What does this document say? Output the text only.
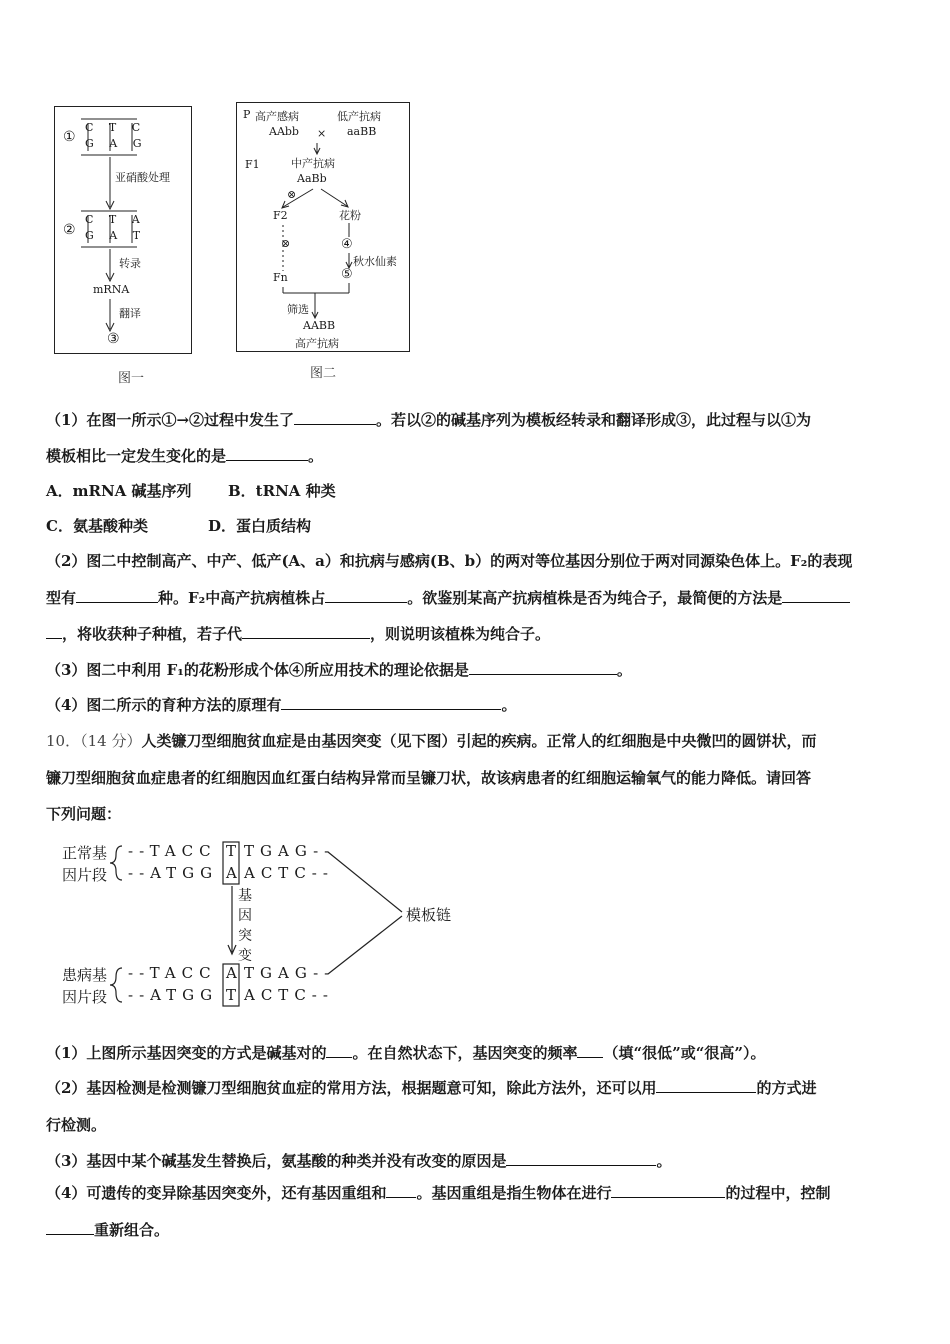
①
C T C
G A G
亚硝酸处理
②
C T A
G A T
转录
mRNA
翻译
③
图一
P 高产感病	低产抗病
AAbb × aaBB
F1	中产抗病
AaBb
⊗
F2	花粉
⊗	④
秋水仙素
⑤
Fn
筛选
AABB
高产抗病
图二
（1）在图一所示①→②过程中发生了	。若以②的碱基序列为模板经转录和翻译形成③，此过程与以①为
模板相比一定发生变化的是	。
A．mRNA 碱基序列 B．tRNA 种类
C．氨基酸种类	D．蛋白质结构
（2）图二中控制高产、中产、低产(A、a）和抗病与感病(B、b）的两对等位基因分别位于两对同源染色体上。F₂的表现
型有	种。F₂中高产抗病植株占	。欲鉴别某高产抗病植株是否为纯合子，最简便的方法是
，将收获种子种植，若子代	，则说明该植株为纯合子。
（3）图二中利用 F₁的花粉形成个体④所应用技术的理论依据是	。
（4）图二所示的育种方法的原理有	。
10．（14 分）人类镰刀型细胞贫血症是由基因突变（见下图）引起的疾病。正常人的红细胞是中央微凹的圆饼状，而
镰刀型细胞贫血症患者的红细胞因血红蛋白结构异常而呈镰刀状，故该病患者的红细胞运输氧气的能力降低。请回答
下列问题：
正常基
因片段
--TACC T TGAG--
--ATGG A ACTC--
基因突变
模板链
患病基
因片段
--TACC A TGAG--
--ATGG T ACTC--
（1）上图所示基因突变的方式是碱基对的 。在自然状态下，基因突变的频率 （填“很低”或“很高”）。
（2）基因检测是检测镰刀型细胞贫血症的常用方法，根据题意可知，除此方法外，还可以用	的方式进
行检测。
（3）基因中某个碱基发生替换后，氨基酸的种类并没有改变的原因是	。
（4）可遗传的变异除基因突变外，还有基因重组和 。基因重组是指生物体在进行	的过程中，控制
重新组合。
